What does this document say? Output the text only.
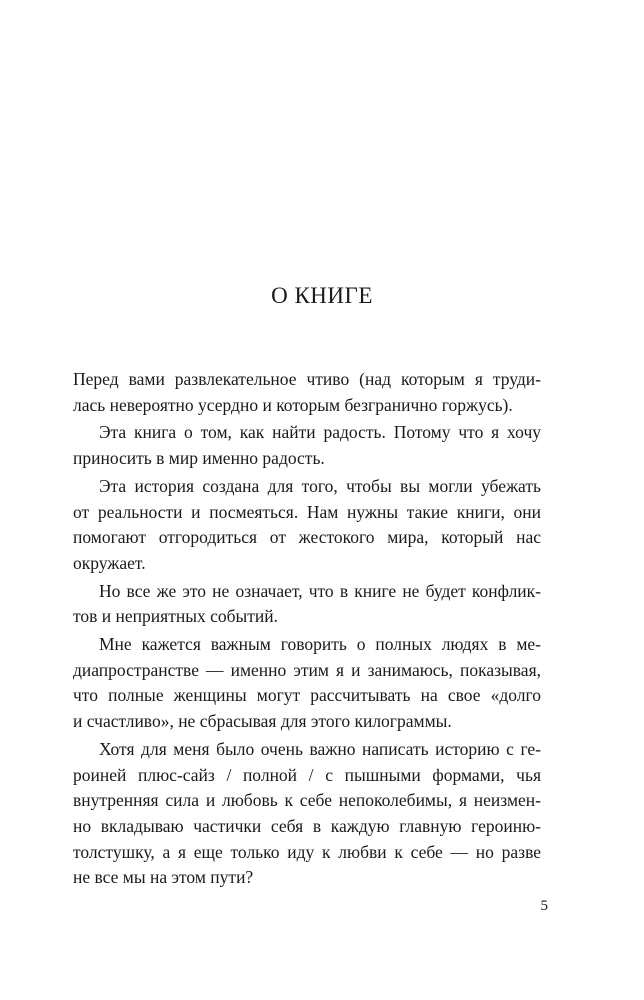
О КНИГЕ
Перед вами развлекательное чтиво (над которым я труди-
лась невероятно усердно и которым безгранично горжусь).
Эта книга о том, как найти радость. Потому что я хочу
приносить в мир именно радость.
Эта история создана для того, чтобы вы могли убежать
от реальности и посмеяться. Нам нужны такие книги, они
помогают отгородиться от жестокого мира, который нас
окружает.
Но все же это не означает, что в книге не будет конфлик-
тов и неприятных событий.
Мне кажется важным говорить о полных людях в ме-
диапространстве — именно этим я и занимаюсь, показывая,
что полные женщины могут рассчитывать на свое «долго
и счастливо», не сбрасывая для этого килограммы.
Хотя для меня было очень важно написать историю с ге-
роиней плюс-сайз / полной / с пышными формами, чья
внутренняя сила и любовь к себе непоколебимы, я неизмен-
но вкладываю частички себя в каждую главную героиню-
толстушку, а я еще только иду к любви к себе — но разве
не все мы на этом пути?
5
